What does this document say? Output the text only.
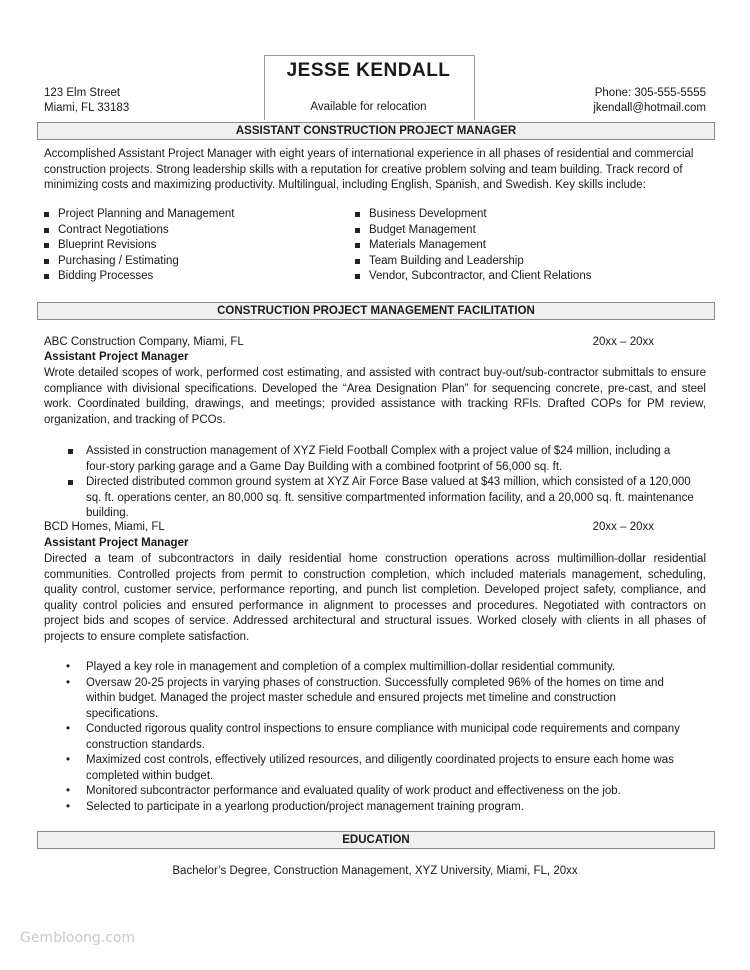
JESSE KENDALL
123 Elm Street
Miami, FL 33183	Available for relocation
Phone: 305-555-5555
jkendall@hotmail.com
ASSISTANT CONSTRUCTION PROJECT MANAGER
Accomplished Assistant Project Manager with eight years of international experience in all phases of residential and commercial construction projects. Strong leadership skills with a reputation for creative problem solving and team building. Track record of minimizing costs and maximizing productivity. Multilingual, including English, Spanish, and Swedish. Key skills include:
Project Planning and Management
Contract Negotiations
Blueprint Revisions
Purchasing / Estimating
Bidding Processes
Business Development
Budget Management
Materials Management
Team Building and Leadership
Vendor, Subcontractor, and Client Relations
CONSTRUCTION PROJECT MANAGEMENT FACILITATION
ABC Construction Company, Miami, FL	20xx – 20xx
Assistant Project Manager
Wrote detailed scopes of work, performed cost estimating, and assisted with contract buy-out/sub-contractor submittals to ensure compliance with divisional specifications. Developed the “Area Designation Plan” for sequencing concrete, pre-cast, and steel work. Coordinated building, drawings, and meetings; provided assistance with tracking RFIs. Drafted COPs for PM review, organization, and tracking of PCOs.
Assisted in construction management of XYZ Field Football Complex with a project value of $24 million, including a four-story parking garage and a Game Day Building with a combined footprint of 56,000 sq. ft.
Directed distributed common ground system at XYZ Air Force Base valued at $43 million, which consisted of a 120,000 sq. ft. operations center, an 80,000 sq. ft. sensitive compartmented information facility, and a 20,000 sq. ft. maintenance building.
BCD Homes, Miami, FL	20xx – 20xx
Assistant Project Manager
Directed a team of subcontractors in daily residential home construction operations across multimillion-dollar residential communities. Controlled projects from permit to construction completion, which included materials management, scheduling, quality control, customer service, performance reporting, and punch list completion. Developed project safety, compliance, and quality control policies and ensured performance in alignment to processes and procedures. Negotiated with contractors on project bids and scopes of service. Addressed architectural and structural issues. Worked closely with clients in all phases of projects to ensure complete satisfaction.
• Played a key role in management and completion of a complex multimillion-dollar residential community.
• Oversaw 20-25 projects in varying phases of construction. Successfully completed 96% of the homes on time and within budget. Managed the project master schedule and ensured projects met timeline and construction specifications.
• Conducted rigorous quality control inspections to ensure compliance with municipal code requirements and company construction standards.
• Maximized cost controls, effectively utilized resources, and diligently coordinated projects to ensure each home was completed within budget.
• Monitored subcontractor performance and evaluated quality of work product and effectiveness on the job.
• Selected to participate in a yearlong production/project management training program.
EDUCATION
Bachelor’s Degree, Construction Management, XYZ University, Miami, FL, 20xx
Gembloong.com
